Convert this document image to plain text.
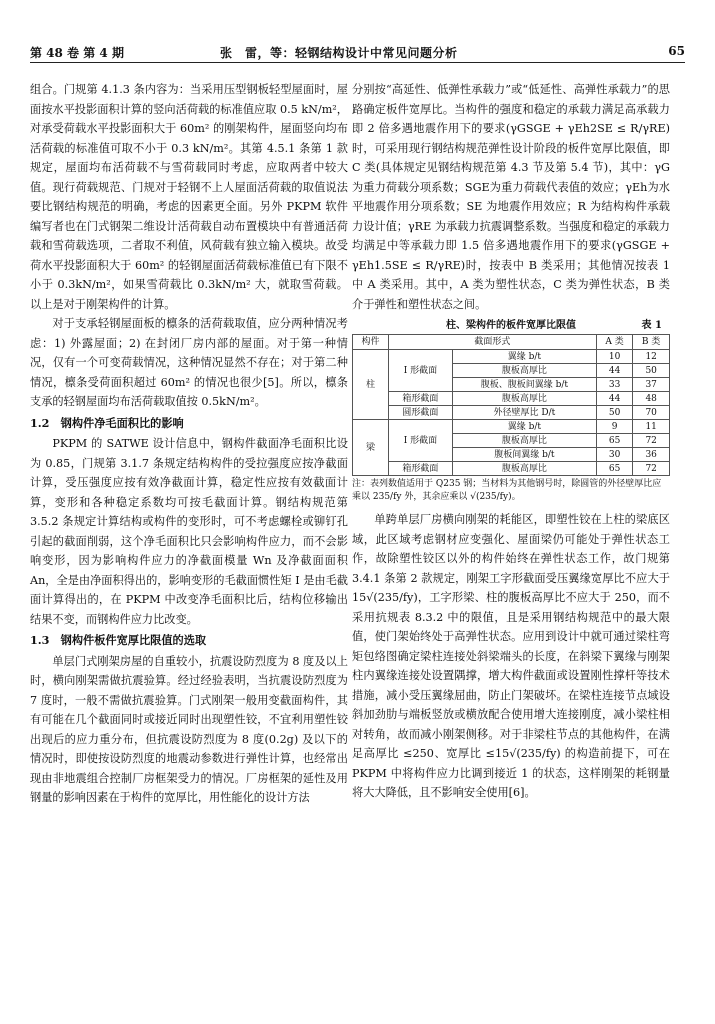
第 48 卷 第 4 期	张　雷，等：轻钢结构设计中常见问题分析	65

组合。门规第 4.1.3 条内容为：当采用压型钢板轻型屋面时，屋面按水平投影面积计算的竖向活荷载的标准值应取 0.5 kN/m²，对承受荷载水平投影面积大于 60m² 的刚架构件，屋面竖向均布活荷载的标准值可取不小于 0.3 kN/m²。其第 4.5.1 条第 1 款规定，屋面均布活荷载不与雪荷载同时考虑，应取两者中较大值。现行荷载规范、门规对于轻钢不上人屋面活荷载的取值说法要比钢结构规范的明确，考虑的因素更全面。另外 PKPM 软件编写者也在门式钢架二维设计活荷载自动布置模块中有普通活荷载和雪荷载选项，二者取不利值，风荷载有独立输入模块。故受荷水平投影面积大于 60m² 的轻钢屋面活荷载标准值已有下限不小于 0.3kN/m²，如果雪荷载比 0.3kN/m² 大，就取雪荷载。以上是对于刚架构件的计算。

对于支承轻钢屋面板的檩条的活荷载取值，应分两种情况考虑：1) 外露屋面；2) 在封闭厂房内部的屋面。对于第一种情况，仅有一个可变荷载情况，这种情况显然不存在；对于第二种情况，檩条受荷面积超过 60m² 的情况也很少[5]。所以，檩条支承的轻钢屋面均布活荷载取值按 0.5kN/m²。

1.2　钢构件净毛面积比的影响

PKPM 的 SATWE 设计信息中，钢构件截面净毛面积比设为 0.85，门规第 3.1.7 条规定结构构件的受拉强度应按净截面计算，受压强度应按有效净截面计算，稳定性应按有效截面计算，变形和各种稳定系数均可按毛截面计算。钢结构规范第 3.5.2 条规定计算结构或构件的变形时，可不考虑螺栓或铆钉孔引起的截面削弱，这个净毛面积比只会影响构件应力，而不会影响变形，因为影响构件应力的净截面模量 Wn 及净截面面积 An，全是由净面积得出的，影响变形的毛截面惯性矩 I 是由毛截面计算得出的，在 PKPM 中改变净毛面积比后，结构位移输出结果不变，而钢构件应力比改变。

1.3　钢构件板件宽厚比限值的选取

单层门式刚架房屋的自重较小，抗震设防烈度为 8 度及以上时，横向刚架需做抗震验算。经过经验表明，当抗震设防烈度为 7 度时，一般不需做抗震验算。门式刚架一般用变截面构件，其有可能在几个截面同时或接近同时出现塑性铰，不宜利用塑性铰出现后的应力重分布，但抗震设防烈度为 8 度(0.2g) 及以下的情况时，即使按设防烈度的地震动参数进行弹性计算，也经常出现由非地震组合控制厂房框架受力的情况。厂房框架的延性及用钢量的影响因素在于构件的宽厚比，用性能化的设计方法

分别按“高延性、低弹性承载力”或“低延性、高弹性承载力”的思路确定板件宽厚比。当构件的强度和稳定的承载力满足高承载力即 2 倍多遇地震作用下的要求(γGSGE + γEh2SE ≤ R/γRE)时，可采用现行钢结构规范弹性设计阶段的板件宽厚比限值，即 C 类(具体规定见钢结构规范第 4.3 节及第 5.4 节)，其中：γG 为重力荷载分项系数；SGE为重力荷载代表值的效应；γEh为水平地震作用分项系数；SE 为地震作用效应；R 为结构构件承载力设计值；γRE 为承载力抗震调整系数。当强度和稳定的承载力均满足中等承载力即 1.5 倍多遇地震作用下的要求(γGSGE + γEh1.5SE ≤ R/γRE)时，按表中 B 类采用；其他情况按表 1 中 A 类采用。其中，A 类为塑性状态，C 类为弹性状态，B 类介于弹性和塑性状态之间。

柱、梁构件的板件宽厚比限值	表 1
构件	截面形式		A 类	B 类
柱	I 形截面	翼缘 b/t	10	12
		腹板高厚比	44	50
		腹板、腹板间翼缘 b/t	33	37
	箱形截面	腹板高厚比	44	48
	圆形截面	外径壁厚比 D/t	50	70
梁	I 形截面	翼缘 b/t	9	11
		腹板高厚比	65	72
		腹板间翼缘 b/t	30	36
	箱形截面	腹板高厚比	65	72
注：表列数值适用于 Q235 钢；当材料为其他钢号时，除圆管的外径壁厚比应乘以 235/fy 外，其余应乘以 √(235/fy)。

单跨单层厂房横向刚架的耗能区，即塑性铰在上柱的梁底区域，此区域考虑钢材应变强化、屋面梁仍可能处于弹性状态工作，故除塑性铰区以外的构件始终在弹性状态工作，故门规第 3.4.1 条第 2 款规定，刚架工字形截面受压翼缘宽厚比不应大于 15√(235/fy)，工字形梁、柱的腹板高厚比不应大于 250，而不采用抗规表 8.3.2 中的限值，且是采用钢结构规范中的最大限值，使门架始终处于高弹性状态。应用到设计中就可通过梁柱弯矩包络图确定梁柱连接处斜梁端头的长度，在斜梁下翼缘与刚架柱内翼缘连接处设置隅撑，增大构件截面或设置刚性撑杆等技术措施，减小受压翼缘屈曲，防止门架破坏。在梁柱连接节点域设斜加劲肋与端板竖放或横放配合使用增大连接刚度，减小梁柱相对转角，故而减小刚架侧移。对于非梁柱节点的其他构件，在满足高厚比 ≤250、宽厚比 ≤15√(235/fy) 的构造前提下，可在 PKPM 中将构件应力比调到接近 1 的状态，这样刚架的耗钢量将大大降低，且不影响安全使用[6]。
